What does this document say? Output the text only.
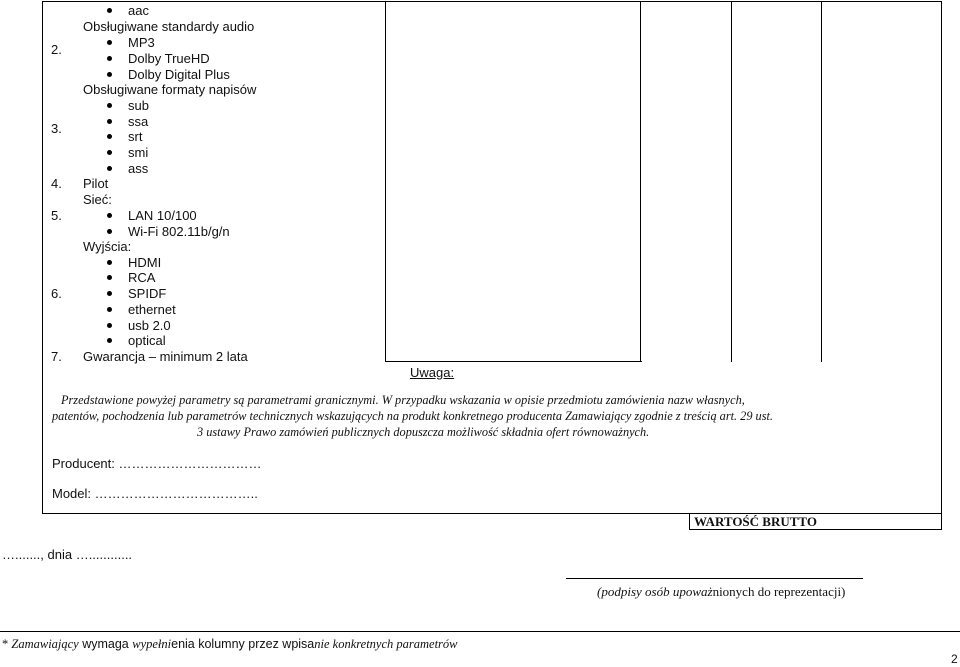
aac
2.
Obsługiwane standardy audio
MP3
Dolby TrueHD
Dolby Digital Plus
3.
Obsługiwane formaty napisów
sub
ssa
srt
smi
ass
4. Pilot
5.
Sieć:
LAN 10/100
Wi-Fi 802.11b/g/n
6.
Wyjścia:
HDMI
RCA
SPIDF
ethernet
usb 2.0
optical
7. Gwarancja – minimum 2 lata
Uwaga:
Przedstawione powyżej parametry są parametrami granicznymi. W przypadku wskazania w opisie przedmiotu zamówienia nazw własnych,
patentów, pochodzenia lub parametrów technicznych wskazujących na produkt konkretnego producenta Zamawiający zgodnie z treścią art. 29 ust.
3 ustawy Prawo zamówień publicznych dopuszcza możliwość składnia ofert równoważnych.
Producent: ……………………………
Model: ………………………………..
WARTOŚĆ BRUTTO
…......., dnia …............
(podpisy osób upoważnionych do reprezentacji)
* Zamawiający wymaga wypełnienia kolumny przez wpisanie konkretnych parametrów
2
